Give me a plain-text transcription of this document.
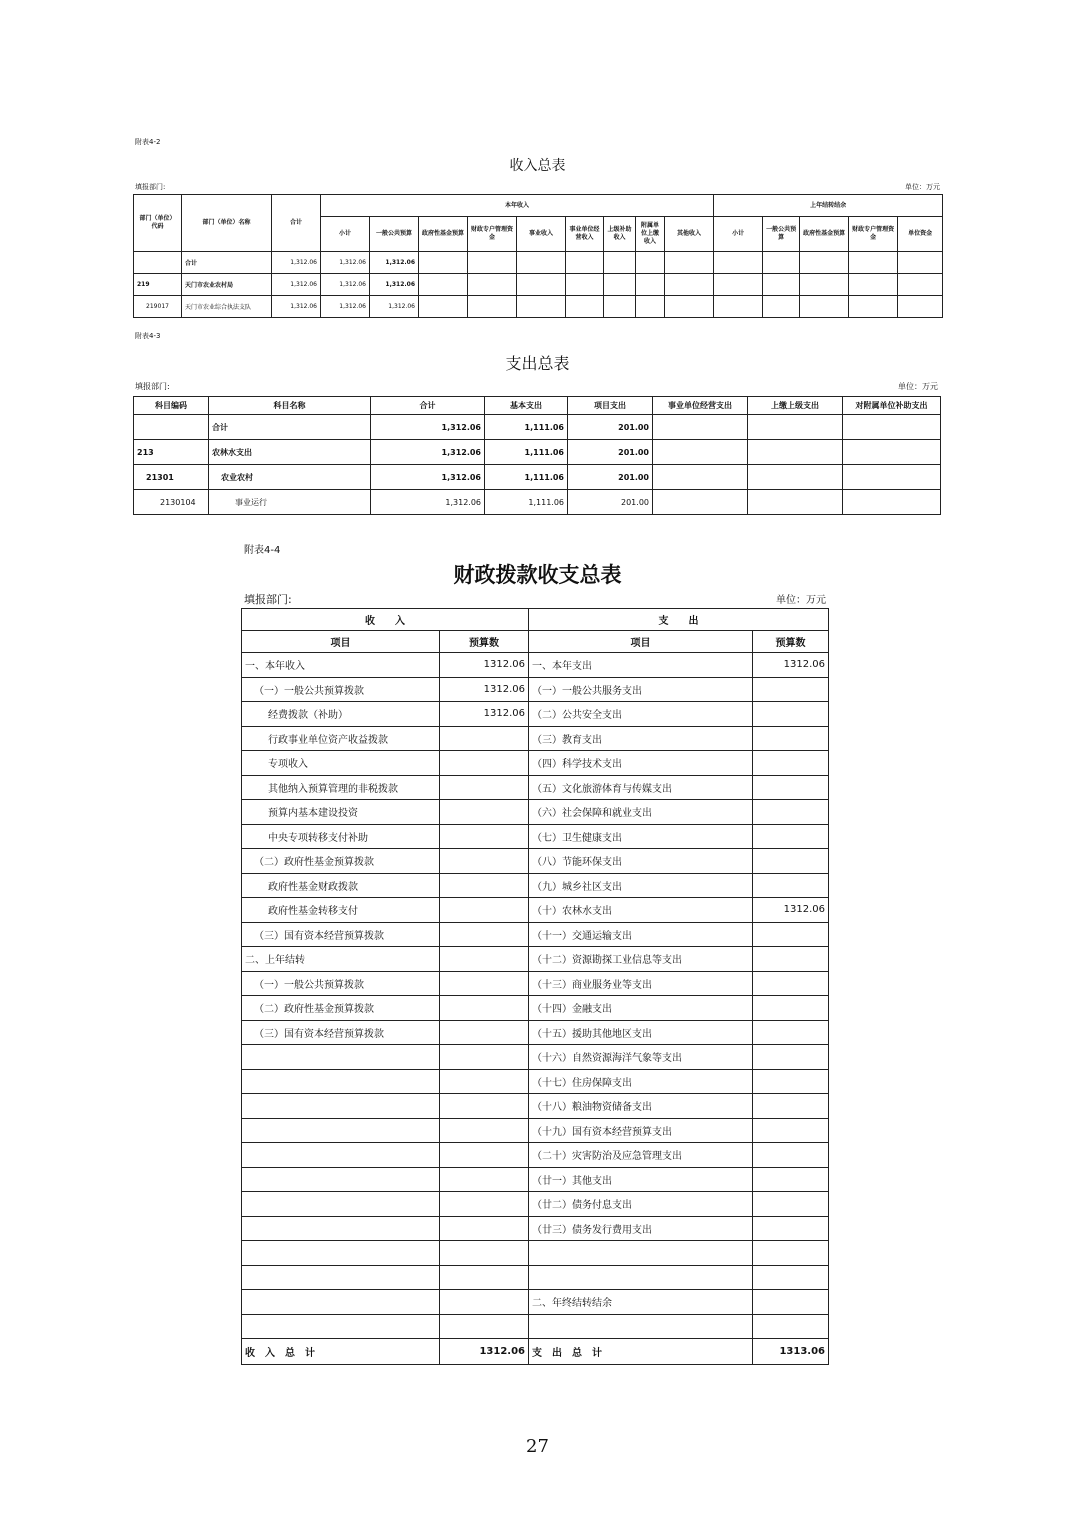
附表4-2
收入总表
填报部门:	单位：万元
部门（单位）代码	部门（单位）名称	合计	本年收入									上年结转结余				
			小计	一般公共预算	政府性基金预算	财政专户管理资金	事业收入	事业单位经营收入	上级补助收入	附属单位上缴收入	其他收入	小计	一般公共预算	政府性基金预算	财政专户管理资金	单位资金
	合计	1,312.06	1,312.06	1,312.06												
219	天门市农业农村局	1,312.06	1,312.06	1,312.06												
219017	天门市农业综合执法支队	1,312.06	1,312.06	1,312.06												
附表4-3
支出总表
填报部门:	单位：万元
科目编码	科目名称	合计	基本支出	项目支出	事业单位经营支出	上缴上级支出	对附属单位补助支出
	合计	1,312.06	1,111.06	201.00			
213	农林水支出	1,312.06	1,111.06	201.00			
21301	农业农村	1,312.06	1,111.06	201.00			
2130104	事业运行	1,312.06	1,111.06	201.00			
附表4-4
财政拨款收支总表
填报部门:	单位：万元
收　　入		支　　出	
项目	预算数	项目	预算数
一、本年收入	1312.06	一、本年支出	1312.06
（一）一般公共预算拨款	1312.06	（一）一般公共服务支出	
经费拨款（补助）	1312.06	（二）公共安全支出	
行政事业单位资产收益拨款		（三）教育支出	
专项收入		（四）科学技术支出	
其他纳入预算管理的非税拨款		（五）文化旅游体育与传媒支出	
预算内基本建设投资		（六）社会保障和就业支出	
中央专项转移支付补助		（七）卫生健康支出	
（二）政府性基金预算拨款		（八）节能环保支出	
政府性基金财政拨款		（九）城乡社区支出	
政府性基金转移支付		（十）农林水支出	1312.06
（三）国有资本经营预算拨款		（十一）交通运输支出	
二、上年结转		（十二）资源勘探工业信息等支出	
（一）一般公共预算拨款		（十三）商业服务业等支出	
（二）政府性基金预算拨款		（十四）金融支出	
（三）国有资本经营预算拨款		（十五）援助其他地区支出	
		（十六）自然资源海洋气象等支出	
		（十七）住房保障支出	
		（十八）粮油物资储备支出	
		（十九）国有资本经营预算支出	
		（二十）灾害防治及应急管理支出	
		（廿一）其他支出	
		（廿二）债务付息支出	
		（廿三）债务发行费用支出	

		二、年终结转结余	

收　入　总　计	1312.06	支　出　总　计	1313.06
27
